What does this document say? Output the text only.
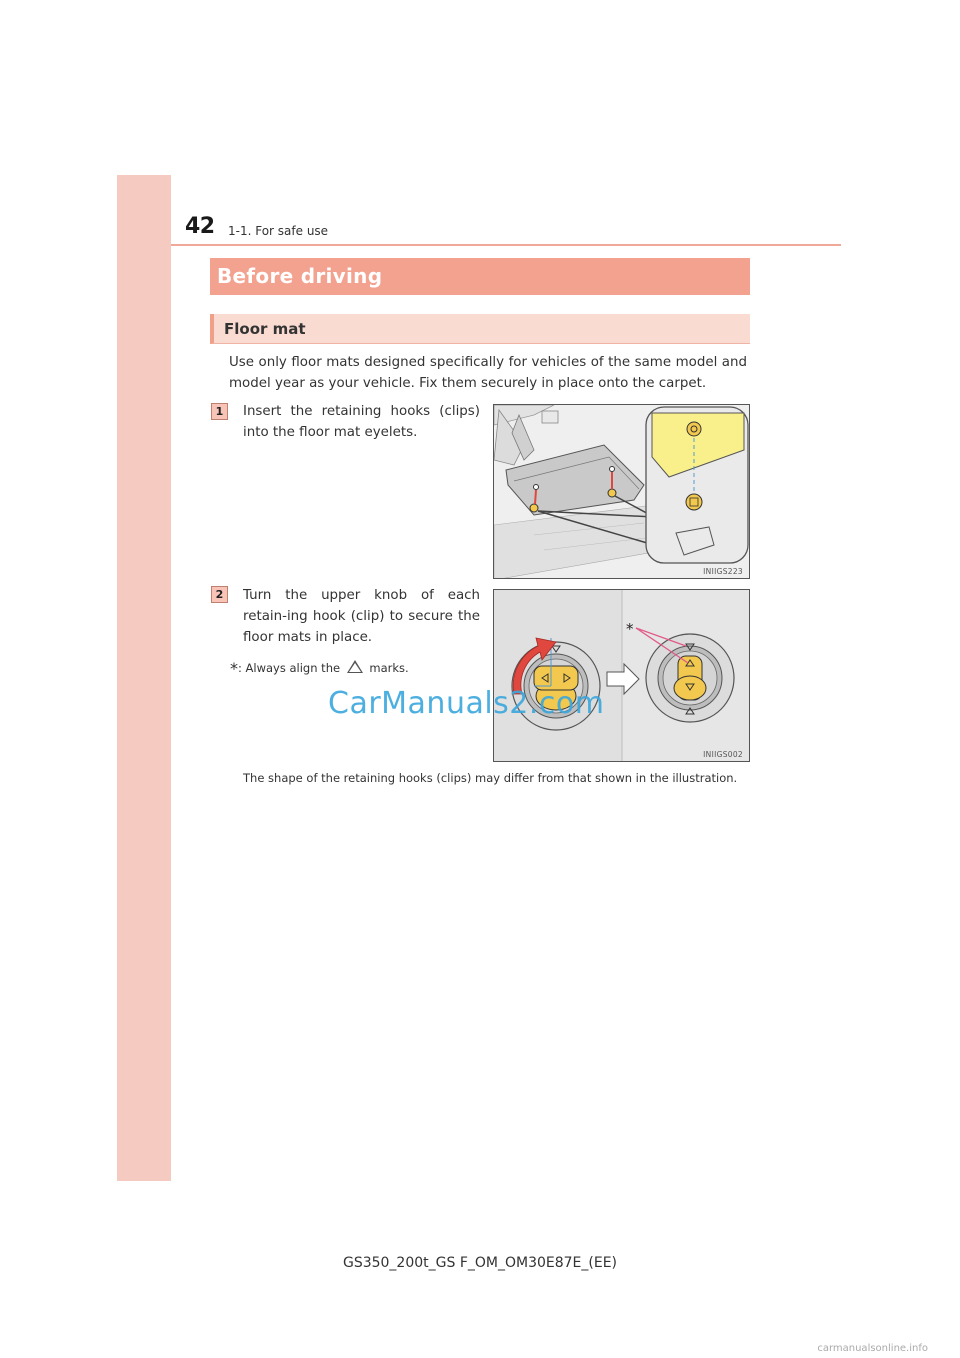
42 1-1. For safe use
Before driving
Floor mat

Use only floor mats designed specifically for vehicles of the same model and model year as your vehicle. Fix them securely in place onto the carpet.

1	Insert the retaining hooks (clips) into the floor mat eyelets.

INIIGS223
2	Turn the upper knob of each retain-ing hook (clip) to secure the floor mats in place.

*: Always align the	marks.
*
INIIGS002

The shape of the retaining hooks (clips) may differ from that shown in the illustration.

CarManuals2.com
GS350_200t_GS F_OM_OM30E87E_(EE)
carmanualsonline.info
